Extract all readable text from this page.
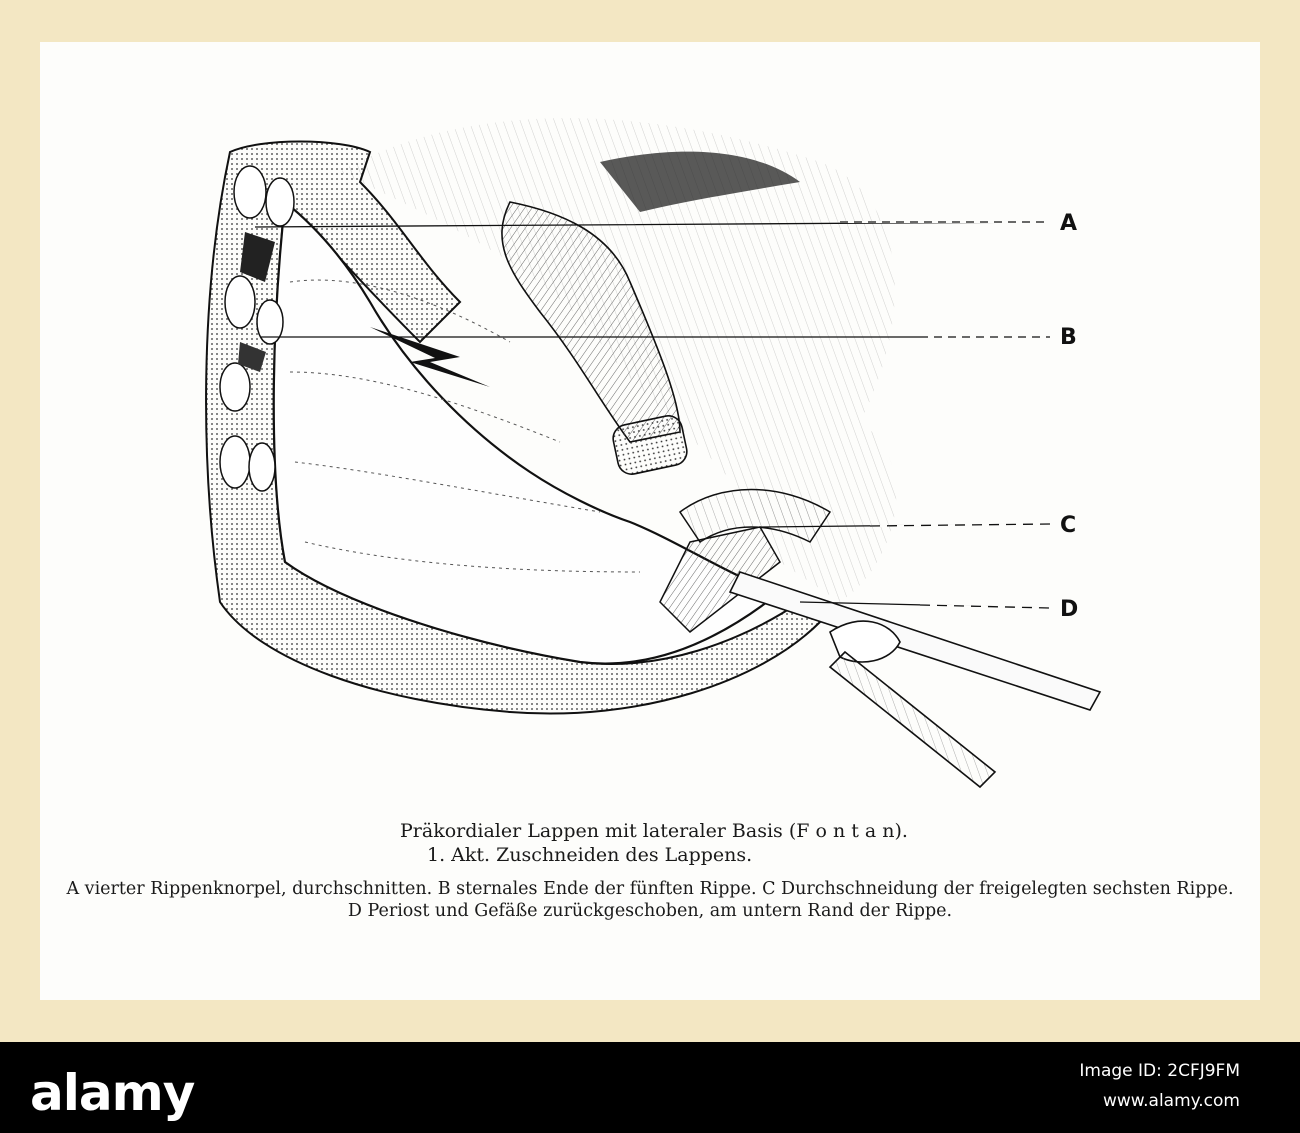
A
B
C
D
Präkordialer Lappen mit lateraler Basis (F o n t a n).
1. Akt. Zuschneiden des Lappens.
A vierter Rippenknorpel, durchschnitten. B sternales Ende der fünften Rippe. C Durchschneidung der freigelegten sechsten Rippe. D Periost und Gefäße zurückgeschoben, am untern Rand der Rippe.
alamy	Image ID: 2CFJ9FM
www.alamy.com
